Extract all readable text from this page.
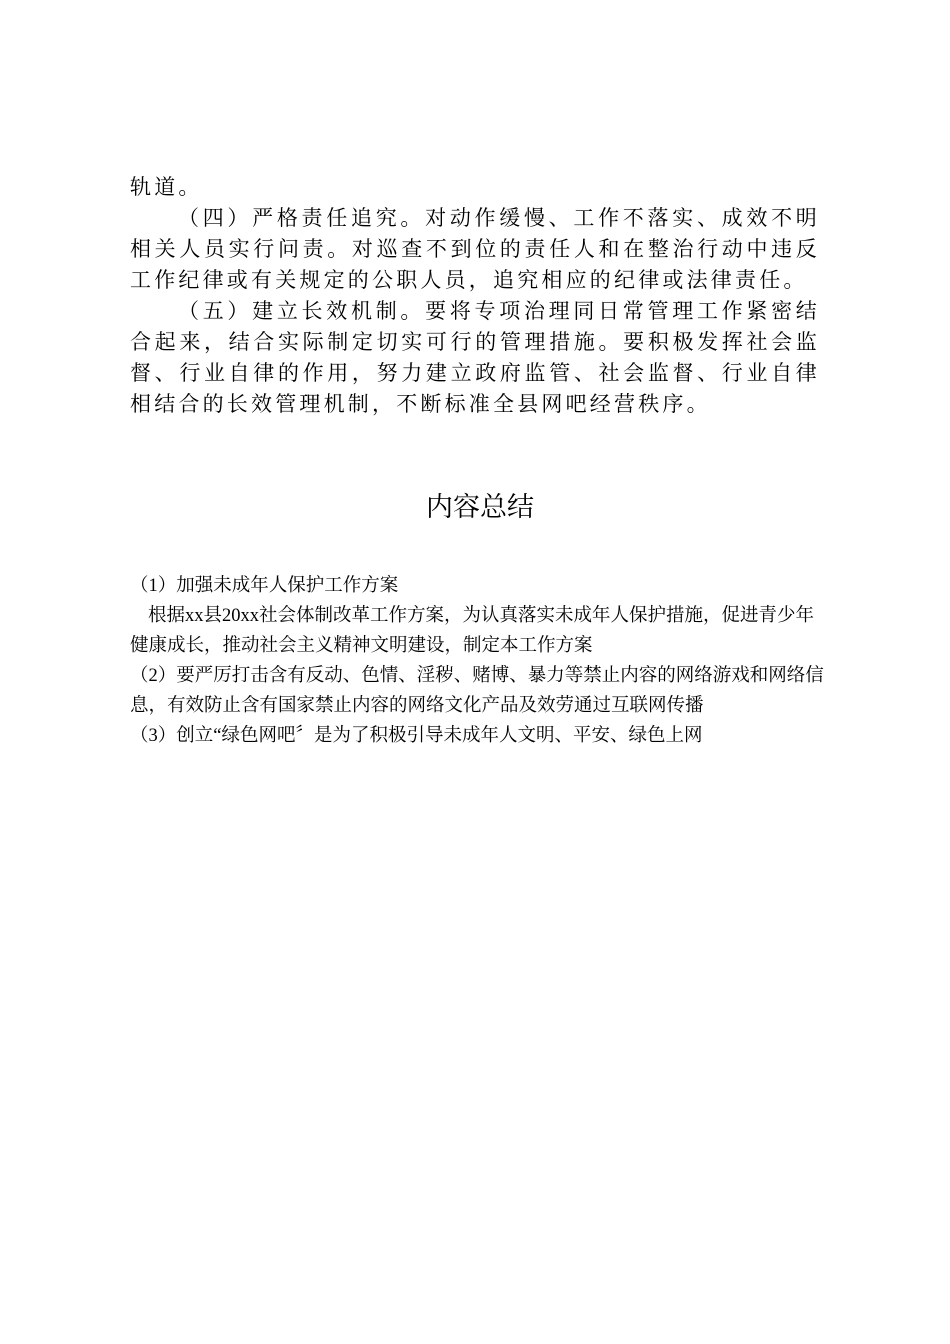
轨道。

（四）严格责任追究。对动作缓慢、工作不落实、成效不明相关人员实行问责。对巡查不到位的责任人和在整治行动中违反工作纪律或有关规定的公职人员，追究相应的纪律或法律责任。

（五）建立长效机制。要将专项治理同日常管理工作紧密结合起来，结合实际制定切实可行的管理措施。要积极发挥社会监督、行业自律的作用，努力建立政府监管、社会监督、行业自律相结合的长效管理机制，不断标准全县网吧经营秩序。

内容总结

（1）加强未成年人保护工作方案

根据xx县20xx社会体制改革工作方案，为认真落实未成年人保护措施，促进青少年健康成长，推动社会主义精神文明建设，制定本工作方案

（2）要严厉打击含有反动、色情、淫秽、赌博、暴力等禁止内容的网络游戏和网络信息，有效防止含有国家禁止内容的网络文化产品及效劳通过互联网传播

（3）创立“绿色网吧〞是为了积极引导未成年人文明、平安、绿色上网
